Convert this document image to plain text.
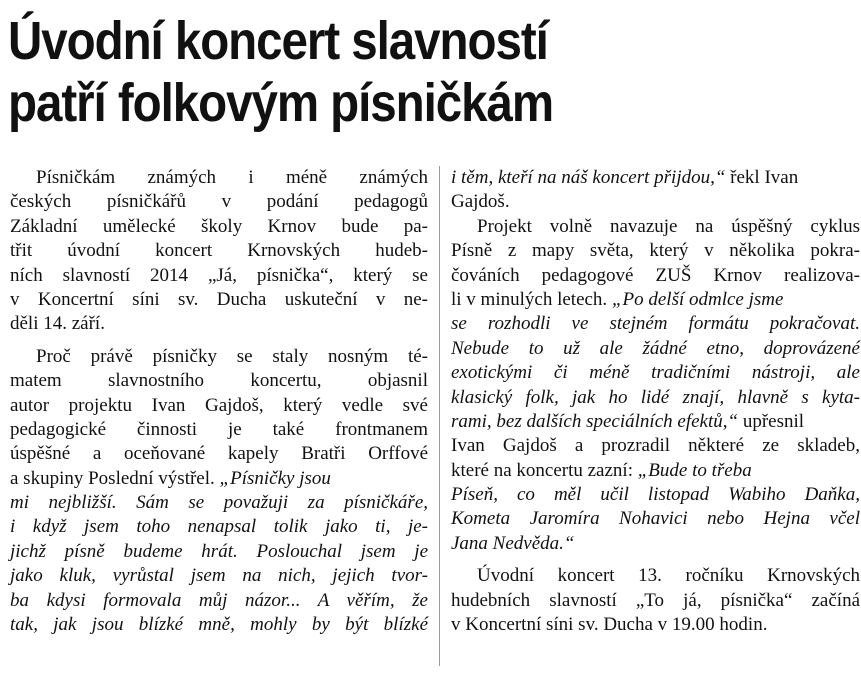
Úvodní koncert slavností
patří folkovým písničkám
Písničkám známých i méně známých
českých písničkářů v podání pedagogů
Základní umělecké školy Krnov bude pa-
třit úvodní koncert Krnovských hudeb-
ních slavností 2014 „Já, písnička“, který se
v Koncertní síni sv. Ducha uskuteční v ne-
děli 14. září.
Proč právě písničky se staly nosným té-
matem slavnostního koncertu, objasnil
autor projektu Ivan Gajdoš, který vedle své
pedagogické činnosti je také frontmanem
úspěšné a oceňované kapely Bratři Orffové
a skupiny Poslední výstřel. „Písničky jsou
mi nejbližší. Sám se považuji za písničkáře,
i když jsem toho nenapsal tolik jako ti, je-
jichž písně budeme hrát. Poslouchal jsem je
jako kluk, vyrůstal jsem na nich, jejich tvor-
ba kdysi formovala můj názor... A věřím, že
tak, jak jsou blízké mně, mohly by být blízké
i těm, kteří na náš koncert přijdou,“ řekl Ivan
Gajdoš.
Projekt volně navazuje na úspěšný cyklus
Písně z mapy světa, který v několika pokra-
čováních pedagogové ZUŠ Krnov realizova-
li v minulých letech. „Po delší odmlce jsme
se rozhodli ve stejném formátu pokračovat.
Nebude to už ale žádné etno, doprovázené
exotickými či méně tradičními nástroji, ale
klasický folk, jak ho lidé znají, hlavně s kyta-
rami, bez dalších speciálních efektů,“ upřesnil
Ivan Gajdoš a prozradil některé ze skladeb,
které na koncertu zazní: „Bude to třeba
Píseň, co měl učil listopad Wabiho Daňka,
Kometa Jaromíra Nohavici nebo Hejna včel
Jana Nedvěda.“
Úvodní koncert 13. ročníku Krnovských
hudebních slavností „To já, písnička“ začíná
v Koncertní síni sv. Ducha v 19.00 hodin.
